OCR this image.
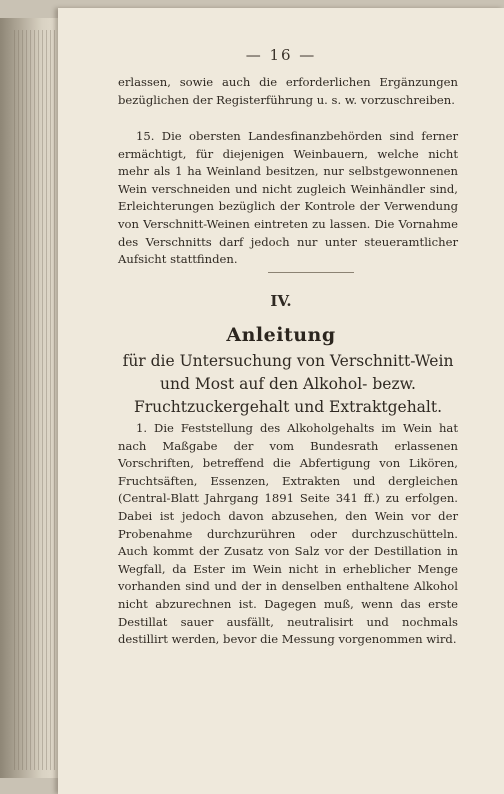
— 16 —
erlassen, sowie auch die erforderlichen Ergänzungen bezüglichen der Registerführung u. s. w. vorzuschreiben.
15. Die obersten Landesfinanzbehörden sind ferner ermächtigt, für diejenigen Weinbauern, welche nicht mehr als 1 ha Weinland besitzen, nur selbstgewonnenen Wein verschneiden und nicht zugleich Weinhändler sind, Erleichterungen bezüglich der Kontrole der Verwendung von Verschnitt-Weinen eintreten zu lassen. Die Vornahme des Verschnitts darf jedoch nur unter steueramtlicher Aufsicht stattfinden.
IV.
Anleitung
für die Untersuchung von Verschnitt-Wein und Most auf den Alkohol- bezw. Fruchtzuckergehalt und Extraktgehalt.
1. Die Feststellung des Alkoholgehalts im Wein hat nach Maßgabe der vom Bundesrath erlassenen Vorschriften, betreffend die Abfertigung von Likören, Fruchtsäften, Essenzen, Extrakten und dergleichen (Central-Blatt Jahrgang 1891 Seite 341 ff.) zu erfolgen. Dabei ist jedoch davon abzusehen, den Wein vor der Probenahme durchzurühren oder durchzuschütteln. Auch kommt der Zusatz von Salz vor der Destillation in Wegfall, da Ester im Wein nicht in erheblicher Menge vorhanden sind und der in denselben enthaltene Alkohol nicht abzurechnen ist. Dagegen muß, wenn das erste Destillat sauer ausfällt, neutralisirt und nochmals destillirt werden, bevor die Messung vorgenommen wird.
